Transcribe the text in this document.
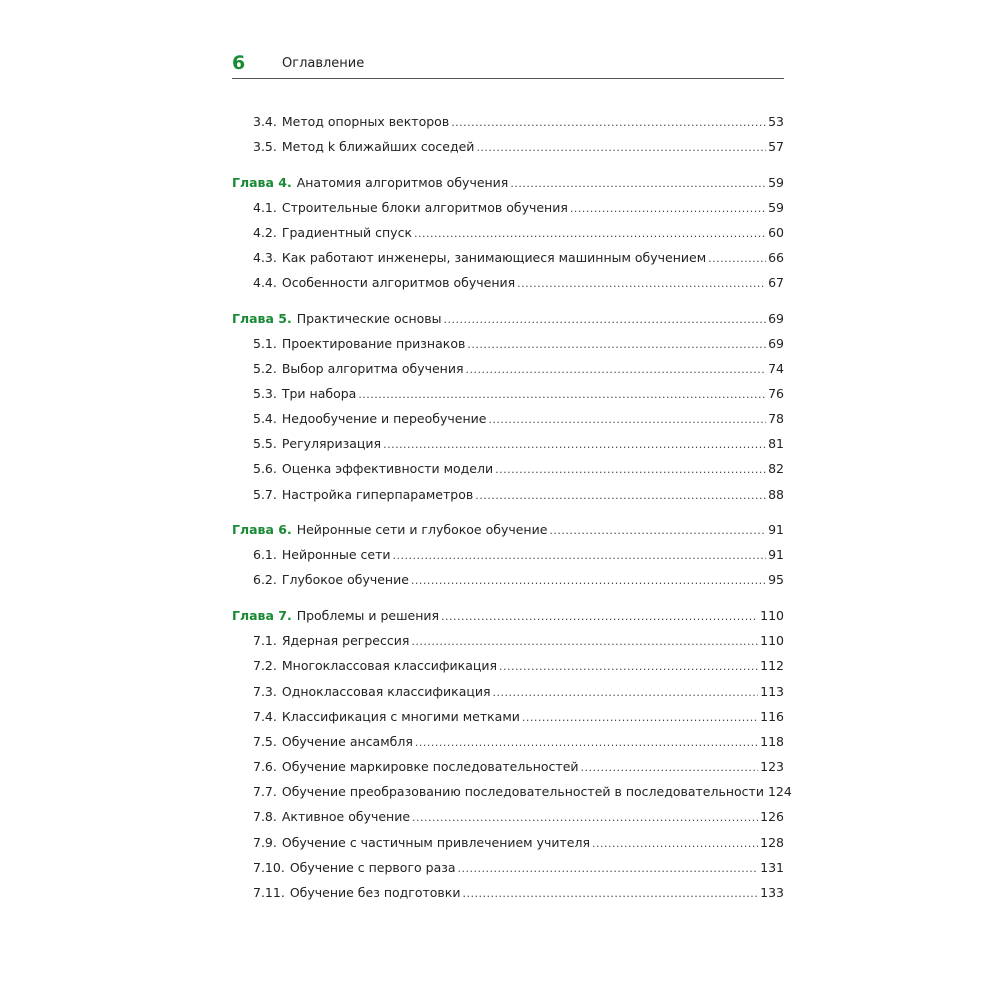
6	Оглавление
3.4. Метод опорных векторов .....	53
3.5. Метод k ближайших соседей .....	57
Глава 4. Анатомия алгоритмов обучения .....	59
4.1. Строительные блоки алгоритмов обучения .....	59
4.2. Градиентный спуск .....	60
4.3. Как работают инженеры, занимающиеся машинным обучением .....	66
4.4. Особенности алгоритмов обучения .....	67
Глава 5. Практические основы .....	69
5.1. Проектирование признаков .....	69
5.2. Выбор алгоритма обучения .....	74
5.3. Три набора .....	76
5.4. Недообучение и переобучение .....	78
5.5. Регуляризация .....	81
5.6. Оценка эффективности модели .....	82
5.7. Настройка гиперпараметров .....	88
Глава 6. Нейронные сети и глубокое обучение .....	91
6.1. Нейронные сети .....	91
6.2. Глубокое обучение .....	95
Глава 7. Проблемы и решения .....	110
7.1. Ядерная регрессия .....	110
7.2. Многоклассовая классификация .....	112
7.3. Одноклассовая классификация .....	113
7.4. Классификация с многими метками .....	116
7.5. Обучение ансамбля .....	118
7.6. Обучение маркировке последовательностей .....	123
7.7. Обучение преобразованию последовательностей в последовательности 124
7.8. Активное обучение .....	126
7.9. Обучение с частичным привлечением учителя .....	128
7.10. Обучение с первого раза .....	131
7.11. Обучение без подготовки .....	133
